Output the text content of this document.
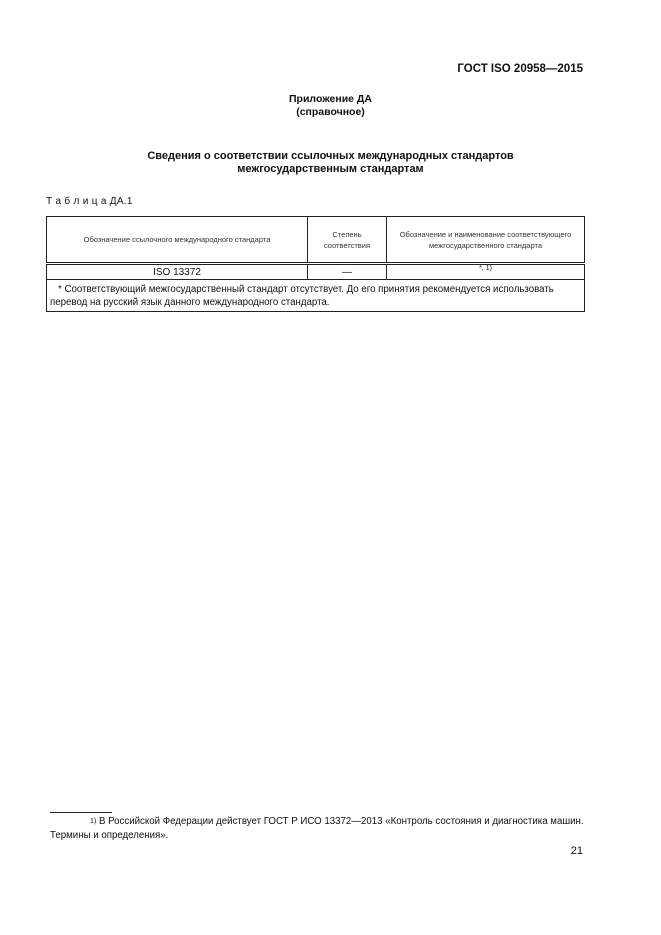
ГОСТ ISO 20958—2015
Приложение ДА
(справочное)
Сведения о соответствии ссылочных международных стандартов
межгосударственным стандартам
Т а б л и ц а ДА.1
Обозначение ссылочного международного стандарта	Степень соответствия	Обозначение и наименование соответствующего межгосударственного стандарта
ISO 13372	—	*, 1)
* Соответствующий межгосударственный стандарт отсутствует. До его принятия рекомендуется использовать перевод на русский язык данного международного стандарта.		
$^{1)}$ В Российской Федерации действует ГОСТ Р ИСО 13372—2013 «Контроль состояния и диагностика машин. Термины и определения».
21
